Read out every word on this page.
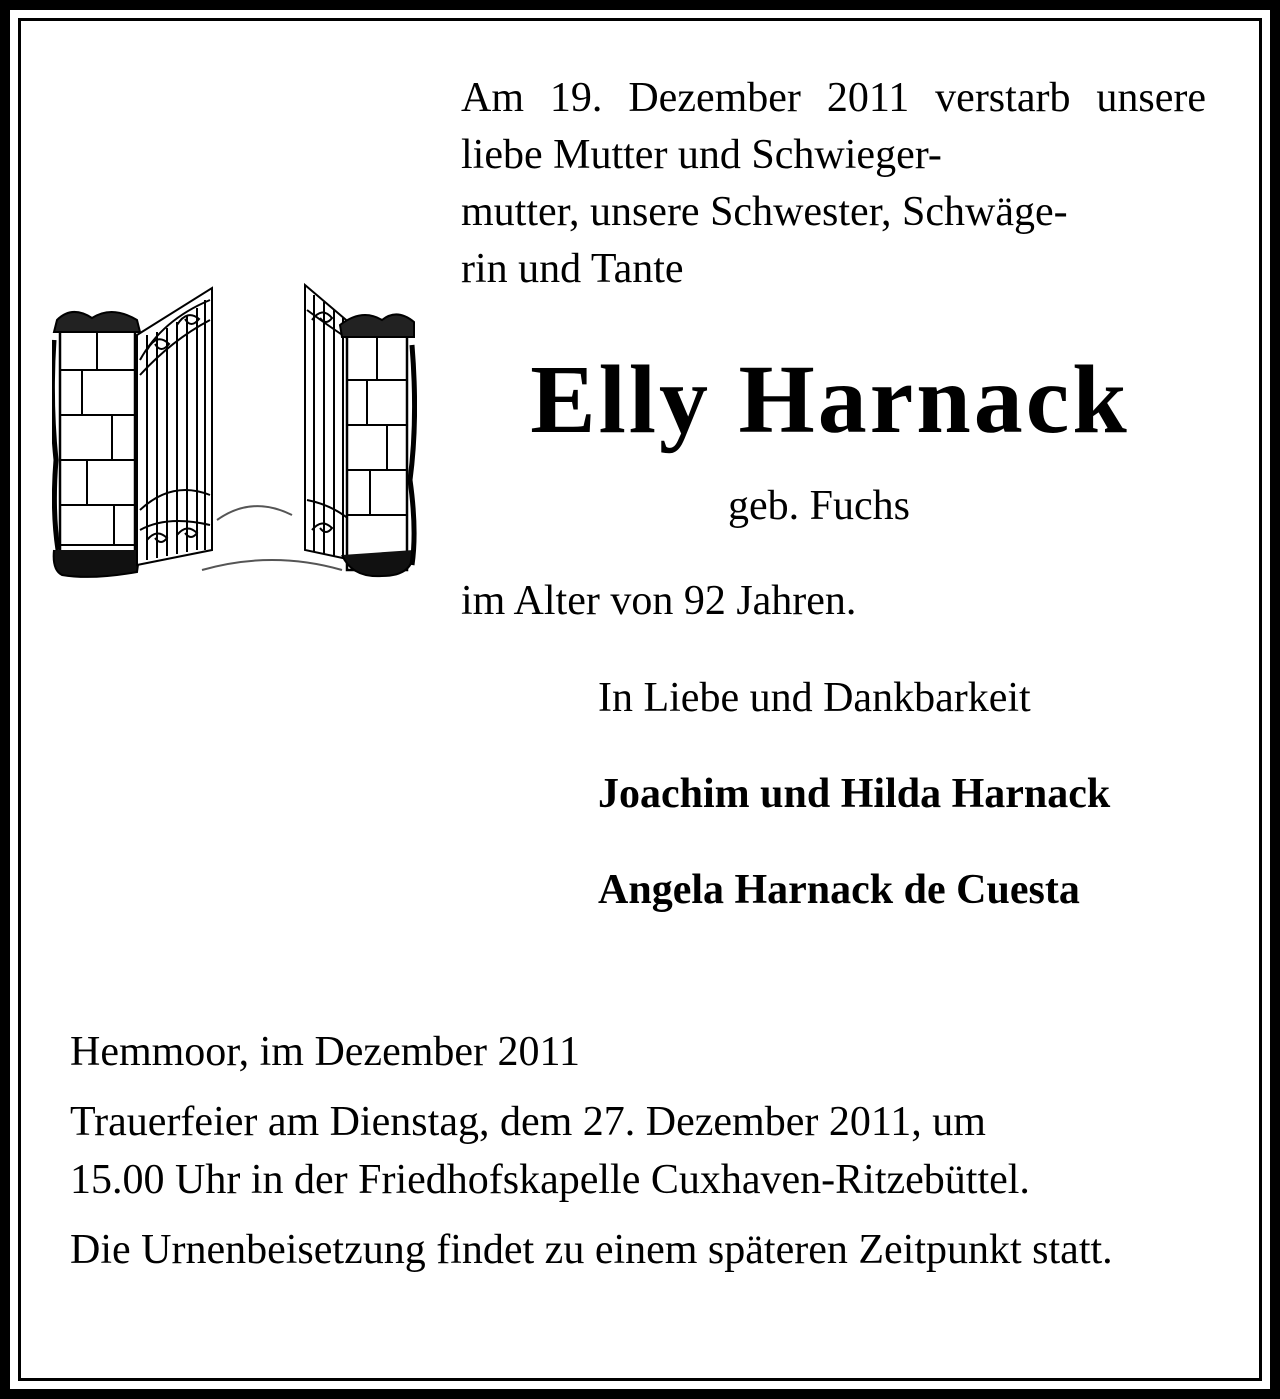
Am 19. Dezember 2011 verstarb unsere liebe Mutter und Schwieger-
mutter, unsere Schwester, Schwäge-
rin und Tante

Elly Harnack

geb. Fuchs

im Alter von 92 Jahren.

In Liebe und Dankbarkeit

Joachim und Hilda Harnack

Angela Harnack de Cuesta

Hemmoor, im Dezember 2011

Trauerfeier am Dienstag, dem 27. Dezember 2011, um
15.00 Uhr in der Friedhofskapelle Cuxhaven-Ritzebüttel.

Die Urnenbeisetzung findet zu einem späteren Zeitpunkt statt.
